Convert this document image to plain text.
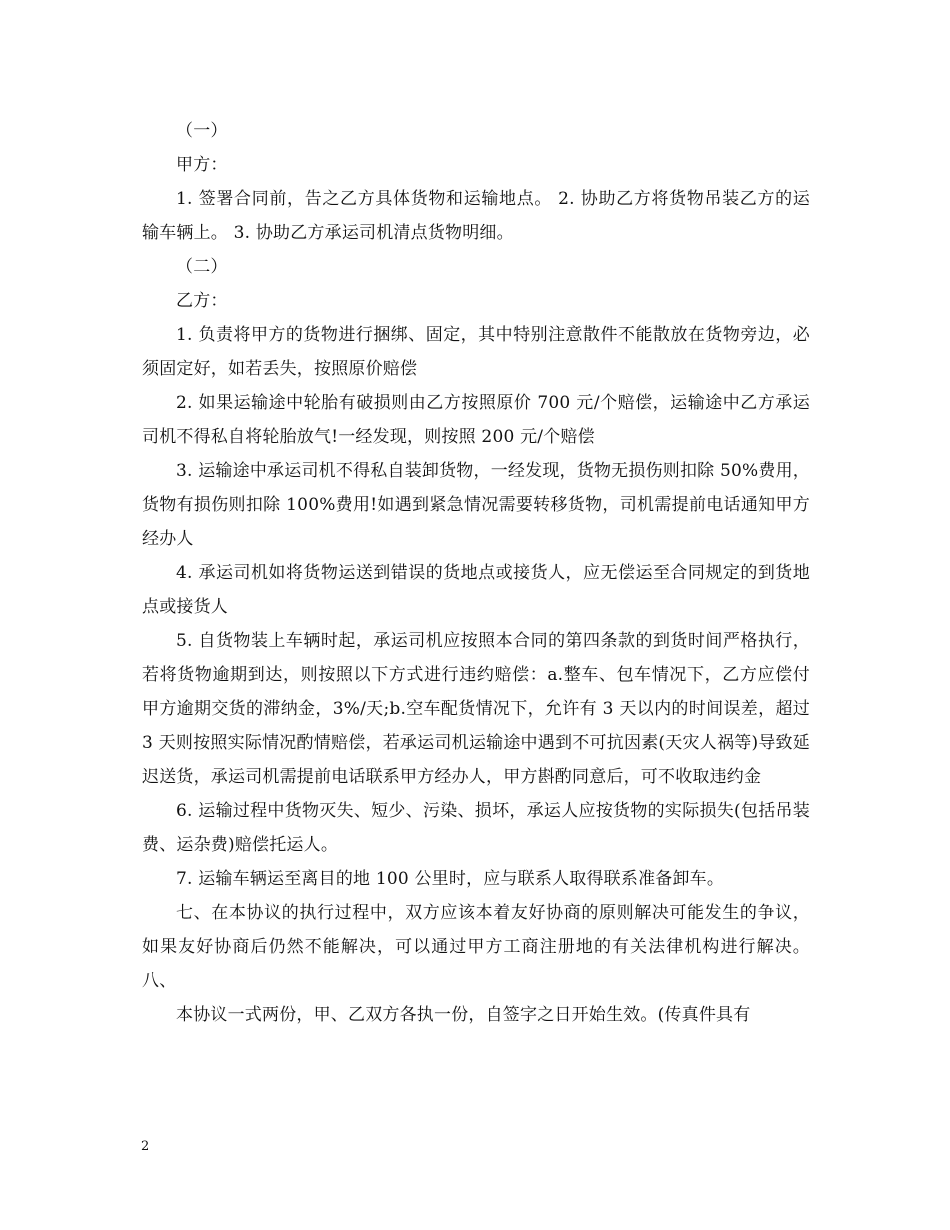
（一）

甲方：

1. 签署合同前，告之乙方具体货物和运输地点。 2. 协助乙方将货物吊装乙方的运输车辆上。 3. 协助乙方承运司机清点货物明细。

（二）

乙方：

1. 负责将甲方的货物进行捆绑、固定，其中特别注意散件不能散放在货物旁边，必须固定好，如若丢失，按照原价赔偿

2. 如果运输途中轮胎有破损则由乙方按照原价 700 元/个赔偿，运输途中乙方承运司机不得私自将轮胎放气!一经发现，则按照 200 元/个赔偿

3. 运输途中承运司机不得私自装卸货物，一经发现，货物无损伤则扣除 50%费用，货物有损伤则扣除 100%费用!如遇到紧急情况需要转移货物，司机需提前电话通知甲方经办人

4. 承运司机如将货物运送到错误的货地点或接货人，应无偿运至合同规定的到货地点或接货人

5. 自货物装上车辆时起，承运司机应按照本合同的第四条款的到货时间严格执行，若将货物逾期到达，则按照以下方式进行违约赔偿：a.整车、包车情况下，乙方应偿付甲方逾期交货的滞纳金，3%/天;b.空车配货情况下，允许有 3 天以内的时间误差，超过 3 天则按照实际情况酌情赔偿，若承运司机运输途中遇到不可抗因素(天灾人祸等)导致延迟送货，承运司机需提前电话联系甲方经办人，甲方斟酌同意后，可不收取违约金

6. 运输过程中货物灭失、短少、污染、损坏，承运人应按货物的实际损失(包括吊装费、运杂费)赔偿托运人。

7. 运输车辆运至离目的地 100 公里时，应与联系人取得联系准备卸车。

七、在本协议的执行过程中，双方应该本着友好协商的原则解决可能发生的争议，如果友好协商后仍然不能解决，可以通过甲方工商注册地的有关法律机构进行解决。 八、

本协议一式两份，甲、乙双方各执一份，自签字之日开始生效。(传真件具有

2
